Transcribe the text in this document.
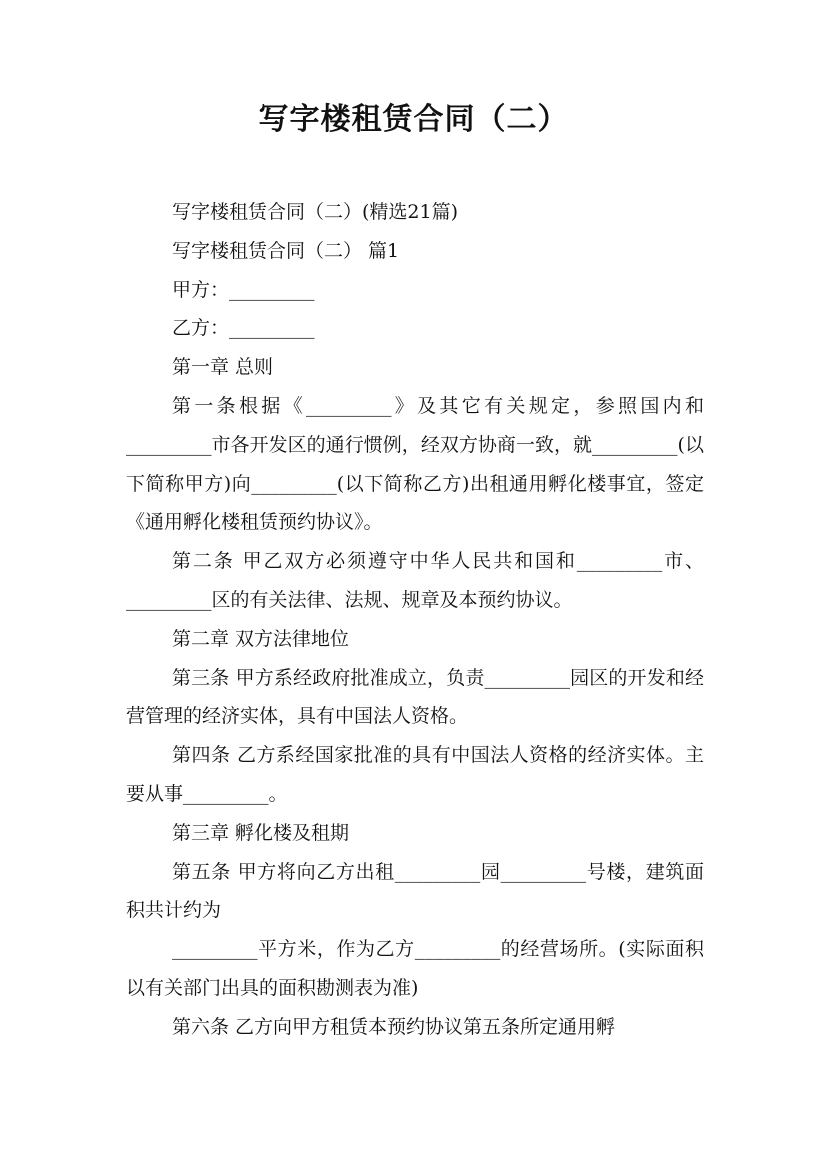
写字楼租赁合同（二）

写字楼租赁合同（二）(精选21篇)

写字楼租赁合同（二） 篇1

甲方：_________

乙方：_________

第一章 总则

第一条根据《_________》及其它有关规定，参照国内和_________市各开发区的通行惯例，经双方协商一致，就_________(以下简称甲方)向_________(以下简称乙方)出租通用孵化楼事宜，签定《通用孵化楼租赁预约协议》。

第二条 甲乙双方必须遵守中华人民共和国和_________市、_________区的有关法律、法规、规章及本预约协议。

第二章 双方法律地位

第三条 甲方系经政府批准成立，负责_________园区的开发和经营管理的经济实体，具有中国法人资格。

第四条 乙方系经国家批准的具有中国法人资格的经济实体。主要从事_________。

第三章 孵化楼及租期

第五条 甲方将向乙方出租_________园_________号楼，建筑面积共计约为

_________平方米，作为乙方_________的经营场所。(实际面积以有关部门出具的面积勘测表为准)

第六条 乙方向甲方租赁本预约协议第五条所定通用孵
